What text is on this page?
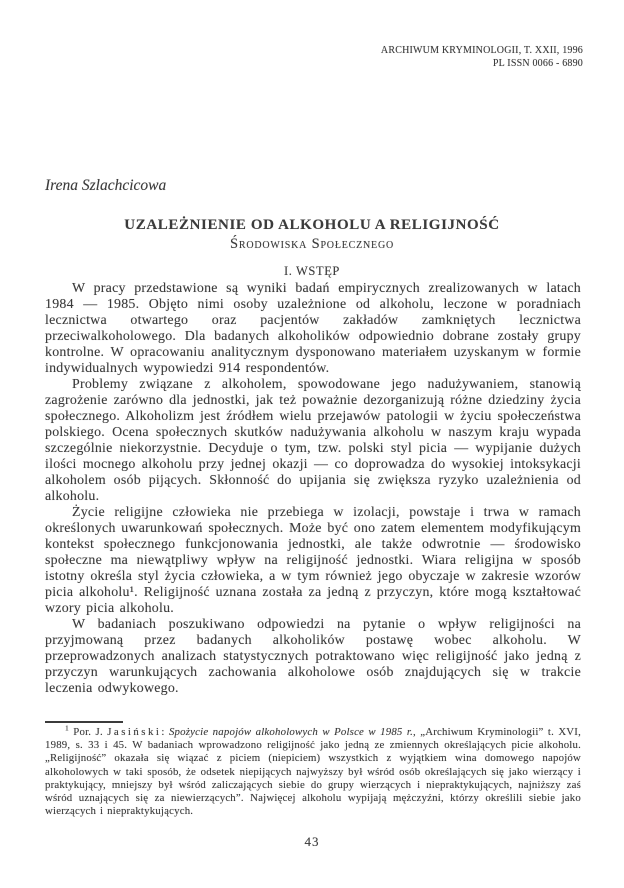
ARCHIWUM KRYMINOLOGII, T. XXII, 1996
PL ISSN 0066 - 6890
Irena Szlachcicowa
UZALEŻNIENIE OD ALKOHOLU A RELIGIJNOŚĆ
Środowiska Społecznego
I. WSTĘP

W pracy przedstawione są wyniki badań empirycznych zrealizowanych w latach 1984 — 1985. Objęto nimi osoby uzależnione od alkoholu, leczone w poradniach lecznictwa otwartego oraz pacjentów zakładów zamkniętych lecznictwa przeciwalkoholowego. Dla badanych alkoholików odpowiednio dobrane zostały grupy kontrolne. W opracowaniu analitycznym dysponowano materiałem uzyskanym w formie indywidualnych wypowiedzi 914 respondentów.

Problemy związane z alkoholem, spowodowane jego nadużywaniem, stanowią zagrożenie zarówno dla jednostki, jak też poważnie dezorganizują różne dziedziny życia społecznego. Alkoholizm jest źródłem wielu przejawów patologii w życiu społeczeństwa polskiego. Ocena społecznych skutków nadużywania alkoholu w naszym kraju wypada szczególnie niekorzystnie. Decyduje o tym, tzw. polski styl picia — wypijanie dużych ilości mocnego alkoholu przy jednej okazji — co doprowadza do wysokiej intoksykacji alkoholem osób pijących. Skłonność do upijania się zwiększa ryzyko uzależnienia od alkoholu.

Życie religijne człowieka nie przebiega w izolacji, powstaje i trwa w ramach określonych uwarunkowań społecznych. Może być ono zatem elementem modyfikującym kontekst społecznego funkcjonowania jednostki, ale także odwrotnie — środowisko społeczne ma niewątpliwy wpływ na religijność jednostki. Wiara religijna w sposób istotny określa styl życia człowieka, a w tym również jego obyczaje w zakresie wzorów picia alkoholu¹. Religijność uznana została za jedną z przyczyn, które mogą kształtować wzory picia alkoholu.

W badaniach poszukiwano odpowiedzi na pytanie o wpływ religijności na przyjmowaną przez badanych alkoholików postawę wobec alkoholu. W przeprowadzonych analizach statystycznych potraktowano więc religijność jako jedną z przyczyn warunkujących zachowania alkoholowe osób znajdujących się w trakcie leczenia odwykowego.

$^1$ Por. J. Jasiński: Spożycie napojów alkoholowych w Polsce w 1985 r., „Archiwum Kryminologii” t. XVI, 1989, s. 33 i 45. W badaniach wprowadzono religijność jako jedną ze zmiennych określających picie alkoholu. „Religijność” okazała się wiązać z piciem (niepiciem) wszystkich z wyjątkiem wina domowego napojów alkoholowych w taki sposób, że odsetek niepijących najwyższy był wśród osób określających się jako wierzący i praktykujący, mniejszy był wśród zaliczających siebie do grupy wierzących i niepraktykujących, najniższy zaś wśród uznających się za niewierzących”. Najwięcej alkoholu wypijają mężczyźni, którzy określili siebie jako wierzących i niepraktykujących.
43
